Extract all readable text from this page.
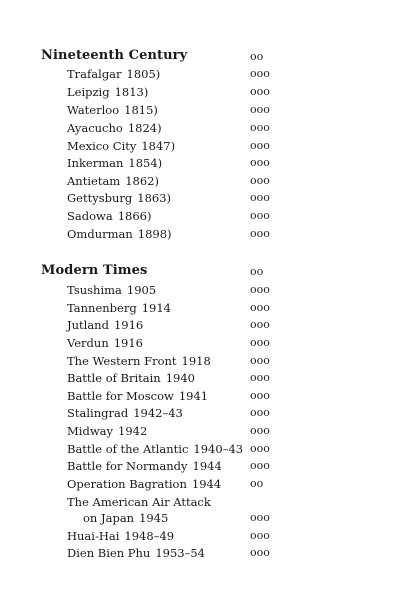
Nineteenth Century	oo
Trafalgar 1805)	ooo
Leipzig 1813)	ooo
Waterloo 1815)	ooo
Ayacucho 1824)	ooo
Mexico City 1847)	ooo
Inkerman 1854)	ooo
Antietam 1862)	ooo
Gettysburg 1863)	ooo
Sadowa 1866)	ooo
Omdurman 1898)	ooo
Modern Times	oo
Tsushima 1905	ooo
Tannenberg 1914	ooo
Jutland 1916	ooo
Verdun 1916	ooo
The Western Front 1918	ooo
Battle of Britain 1940	ooo
Battle for Moscow 1941	ooo
Stalingrad 1942–43	ooo
Midway 1942	ooo
Battle of the Atlantic 1940–43 ooo
Battle for Normandy 1944	ooo
Operation Bagration 1944	oo
The American Air Attack
on Japan 1945	ooo
Huai-Hai 1948–49	ooo
Dien Bien Phu 1953–54	ooo
